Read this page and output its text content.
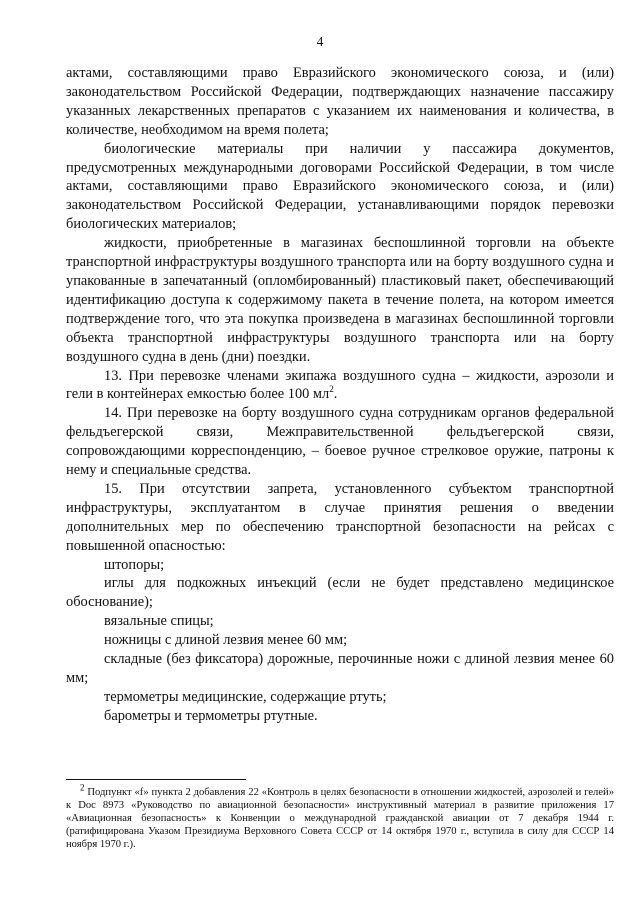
4

актами, составляющими право Евразийского экономического союза, и (или) законодательством Российской Федерации, подтверждающих назначение пассажиру указанных лекарственных препаратов с указанием их наименования и количества, в количестве, необходимом на время полета;

биологические материалы при наличии у пассажира документов, предусмотренных международными договорами Российской Федерации, в том числе актами, составляющими право Евразийского экономического союза, и (или) законодательством Российской Федерации, устанавливающими порядок перевозки биологических материалов;

жидкости, приобретенные в магазинах беспошлинной торговли на объекте транспортной инфраструктуры воздушного транспорта или на борту воздушного судна и упакованные в запечатанный (опломбированный) пластиковый пакет, обеспечивающий идентификацию доступа к содержимому пакета в течение полета, на котором имеется подтверждение того, что эта покупка произведена в магазинах беспошлинной торговли объекта транспортной инфраструктуры воздушного транспорта или на борту воздушного судна в день (дни) поездки.

13. При перевозке членами экипажа воздушного судна – жидкости, аэрозоли и гели в контейнерах емкостью более 100 $мл^2$.

14. При перевозке на борту воздушного судна сотрудникам органов федеральной фельдъегерской связи, Межправительственной фельдъегерской связи, сопровождающими корреспонденцию, – боевое ручное стрелковое оружие, патроны к нему и специальные средства.

15. При отсутствии запрета, установленного субъектом транспортной инфраструктуры, эксплуатантом в случае принятия решения о введении дополнительных мер по обеспечению транспортной безопасности на рейсах с повышенной опасностью:

штопоры;

иглы для подкожных инъекций (если не будет представлено медицинское обоснование);

вязальные спицы;

ножницы с длиной лезвия менее 60 мм;

складные (без фиксатора) дорожные, перочинные ножи с длиной лезвия менее 60 мм;

термометры медицинские, содержащие ртуть;

барометры и термометры ртутные.

$^2$ Подпункт «f» пункта 2 добавления 22 «Контроль в целях безопасности в отношении жидкостей, аэрозолей и гелей» к Doc 8973 «Руководство по авиационной безопасности» инструктивный материал в развитие приложения 17 «Авиационная безопасность» к Конвенции о международной гражданской авиации от 7 декабря 1944 г. (ратифицирована Указом Президиума Верховного Совета СССР от 14 октября 1970 г., вступила в силу для СССР 14 ноября 1970 г.).
